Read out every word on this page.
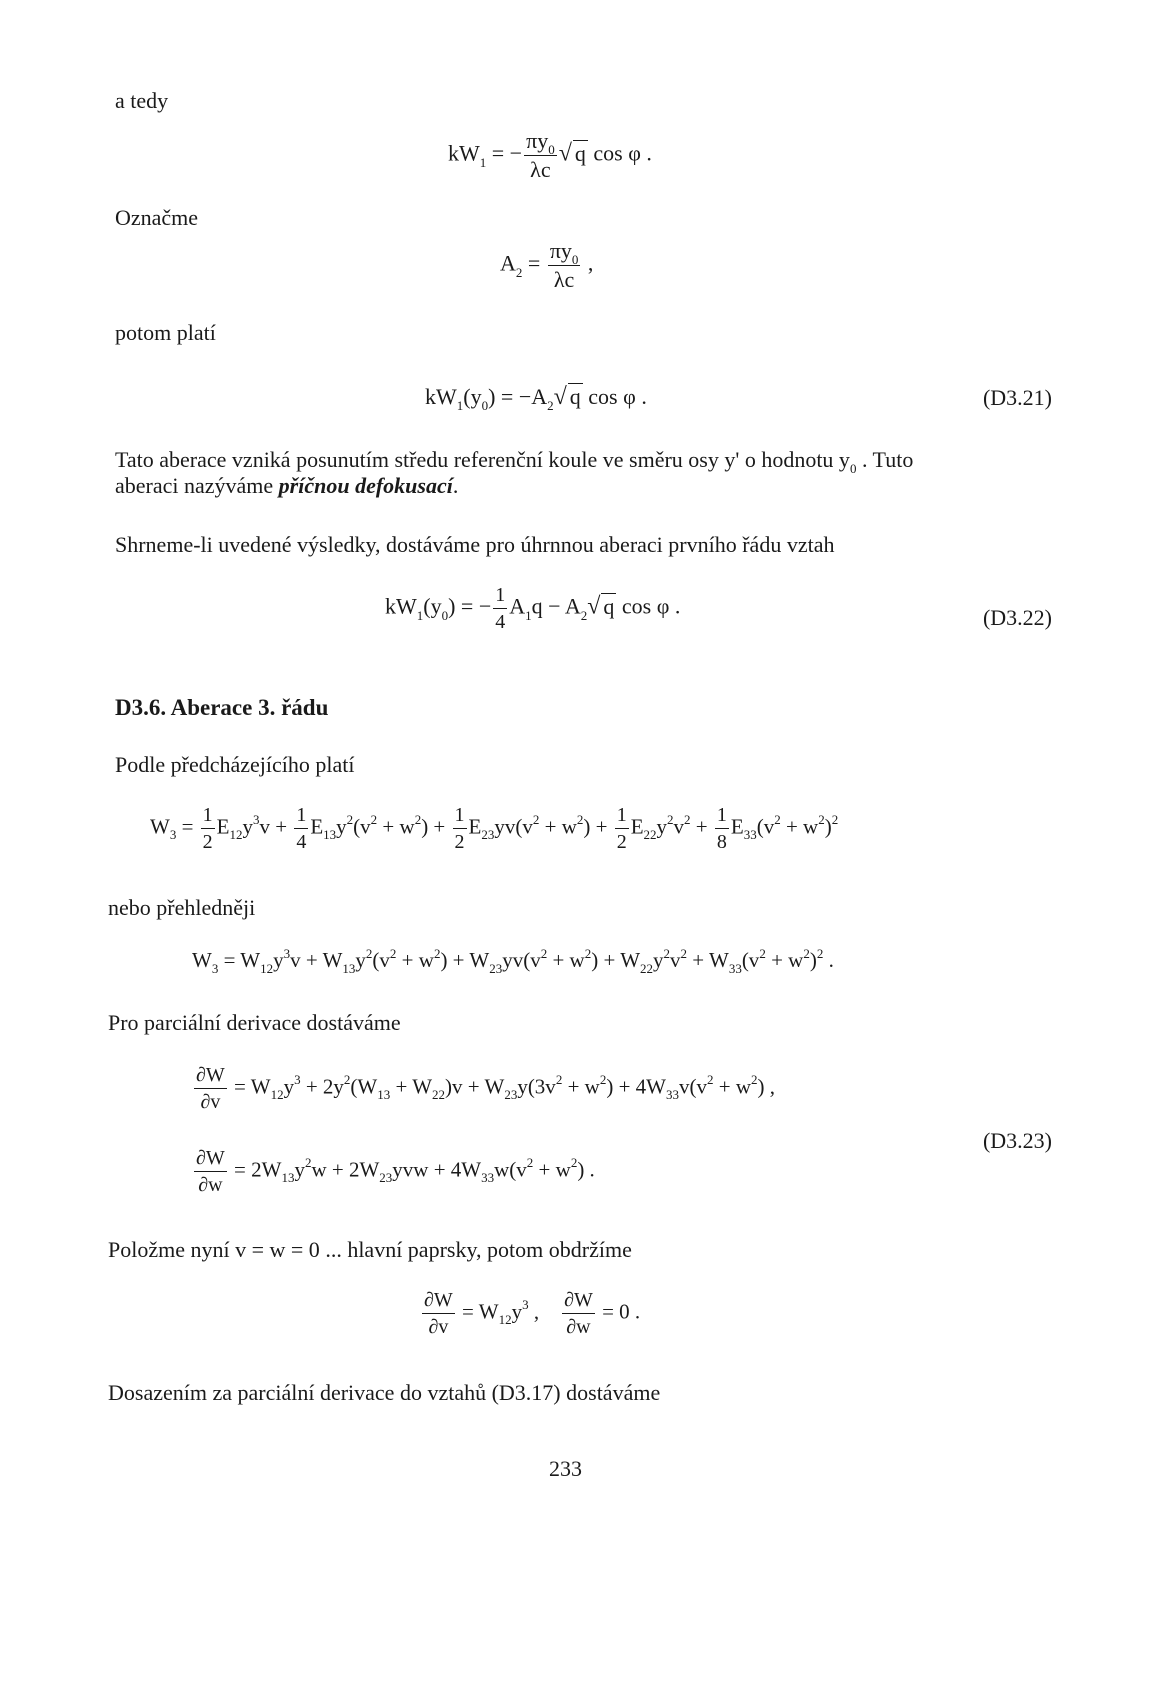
a tedy
$kW_1$ = − $\frac{\pi y_0}{\lambda c}$ √ q cos φ .
Označme
$A_2 = \frac{\pi y_0}{\lambda c}$ ,
potom platí
$kW_1(y_0) = -A_2√$ q cos φ .	(D3.21)
Tato aberace vzniká posunutím středu referenční koule ve směru osy y' o hodnotu $y_0$ . Tuto
aberaci nazýváme příčnou defokusací.
Shrneme-li uvedené výsledky, dostáváme pro úhrnnou aberaci prvního řádu vztah
$kW_1(y_0)$ = − $\frac{1}{4} A_1q - A_2√$ q cos φ .	(D3.22)
D3.6. Aberace 3. řádu
Podle předcházejícího platí
$W_3 = \frac{1}{2} E_{12}y^3v + \frac{1}{4} E_{13}y^2(v^2 + w^2) + \frac{1}{2} E_{23}yv(v^2 + w^2) + \frac{1}{2} E_{22}y^2v^2 + \frac{1}{8} E_{33}(v^2 + w^2)^2$
nebo přehledněji
$W_3 = W_{12}y^3v + W_{13}y^2(v^2 + w^2) + W_{23}yv(v^2 + w^2) + W_{22}y^2v^2 + W_{33}(v^2 + w^2)^2$ .
Pro parciální derivace dostáváme
$\frac{\partial W}{\partial v} = W_{12}y^3 + 2y^2(W_{13} + W_{22})v + W_{23}y(3v^2 + w^2) + 4W_{33}v(v^2 + w^2)$ ,
(D3.23)
$\frac{\partial W}{\partial w} = 2W_{13}y^2w + 2W_{23}yvw + 4W_{33}w(v^2 + w^2)$ .
Položme nyní v = w = 0 ... hlavní paprsky, potom obdržíme
$\frac{\partial W}{\partial v} = W_{12}y^3$ , $\frac{\partial W}{\partial w} = 0$ .
Dosazením za parciální derivace do vztahů (D3.17) dostáváme
233
